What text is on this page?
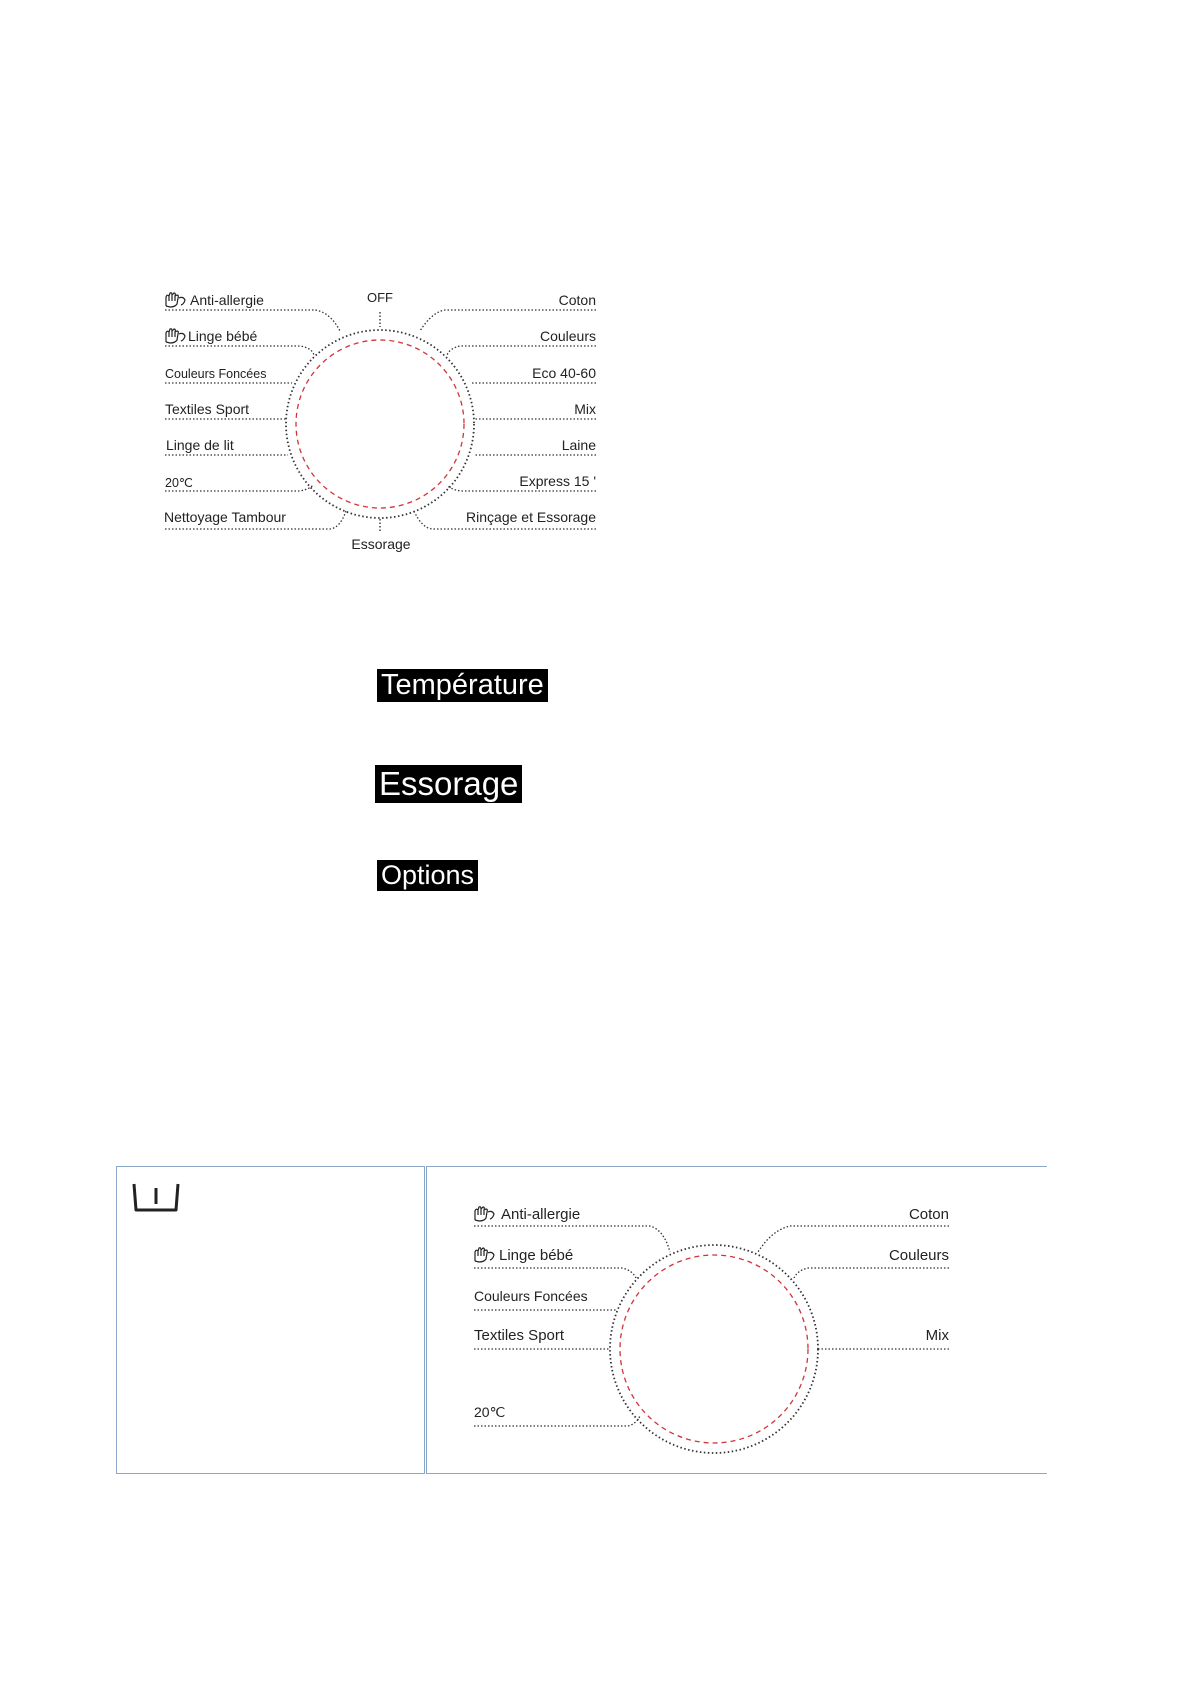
OFF
Essorage
Anti-allergie
Linge bébé
Couleurs Foncées
Textiles Sport
Linge de lit
20℃
Nettoyage Tambour
Coton
Couleurs
Eco 40-60
Mix
Laine
Express 15 '
Rinçage et Essorage
Anti-allergie
Linge bébé
Couleurs Foncées
Textiles Sport
20℃
Coton
Couleurs
Mix
Température
Essorage
Options
